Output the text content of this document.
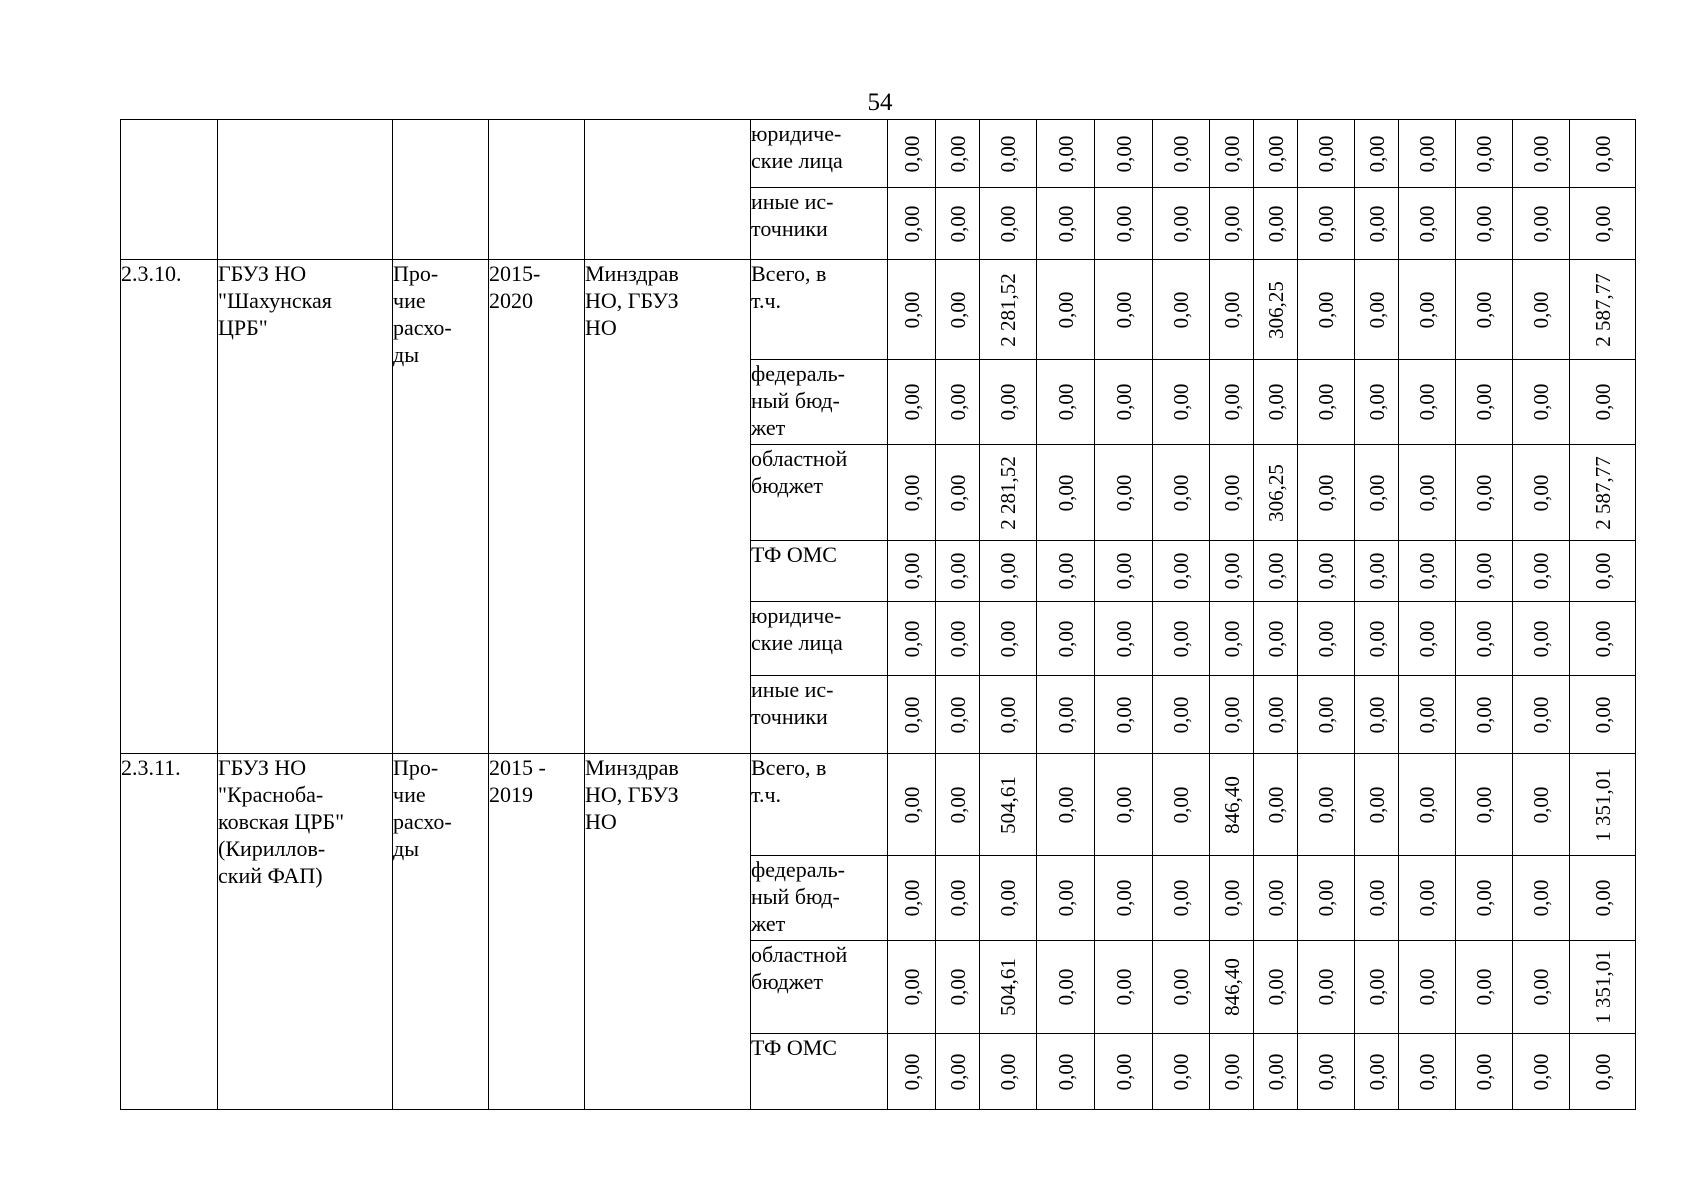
54
					юридиче-
ские лица	0,00	0,00	0,00	0,00	0,00	0,00	0,00	0,00	0,00	0,00	0,00	0,00	0,00	0,00

					иные ис-
точники	0,00	0,00	0,00	0,00	0,00	0,00	0,00	0,00	0,00	0,00	0,00	0,00	0,00	0,00

2.3.10.	ГБУЗ НО
"Шахунская
ЦРБ"	Про-
чие
расхо-
ды	2015-
2020	Минздрав
НО, ГБУЗ
НО	Всего, в
т.ч.	0,00	0,00	2 281,52	0,00	0,00	0,00	0,00	306,25	0,00	0,00	0,00	0,00	0,00	2 587,77

					федераль-
ный бюд-
жет	0,00	0,00	0,00	0,00	0,00	0,00	0,00	0,00	0,00	0,00	0,00	0,00	0,00	0,00

					областной
бюджет	0,00	0,00	2 281,52	0,00	0,00	0,00	0,00	306,25	0,00	0,00	0,00	0,00	0,00	2 587,77

					ТФ ОМС	0,00	0,00	0,00	0,00	0,00	0,00	0,00	0,00	0,00	0,00	0,00	0,00	0,00	0,00

					юридиче-
ские лица	0,00	0,00	0,00	0,00	0,00	0,00	0,00	0,00	0,00	0,00	0,00	0,00	0,00	0,00

					иные ис-
точники	0,00	0,00	0,00	0,00	0,00	0,00	0,00	0,00	0,00	0,00	0,00	0,00	0,00	0,00

2.3.11.	ГБУЗ НО
"Краснoба-
ковская ЦРБ"
(Кириллов-
ский ФАП)	Про-
чие
расхо-
ды	2015 -
2019	Минздрав
НО, ГБУЗ
НО	Всего, в
т.ч.	0,00	0,00	504,61	0,00	0,00	0,00	846,40	0,00	0,00	0,00	0,00	0,00	0,00	1 351,01

					федераль-
ный бюд-
жет	0,00	0,00	0,00	0,00	0,00	0,00	0,00	0,00	0,00	0,00	0,00	0,00	0,00	0,00

					областной
бюджет	0,00	0,00	504,61	0,00	0,00	0,00	846,40	0,00	0,00	0,00	0,00	0,00	0,00	1 351,01

					ТФ ОМС	0,00	0,00	0,00	0,00	0,00	0,00	0,00	0,00	0,00	0,00	0,00	0,00	0,00	0,00
